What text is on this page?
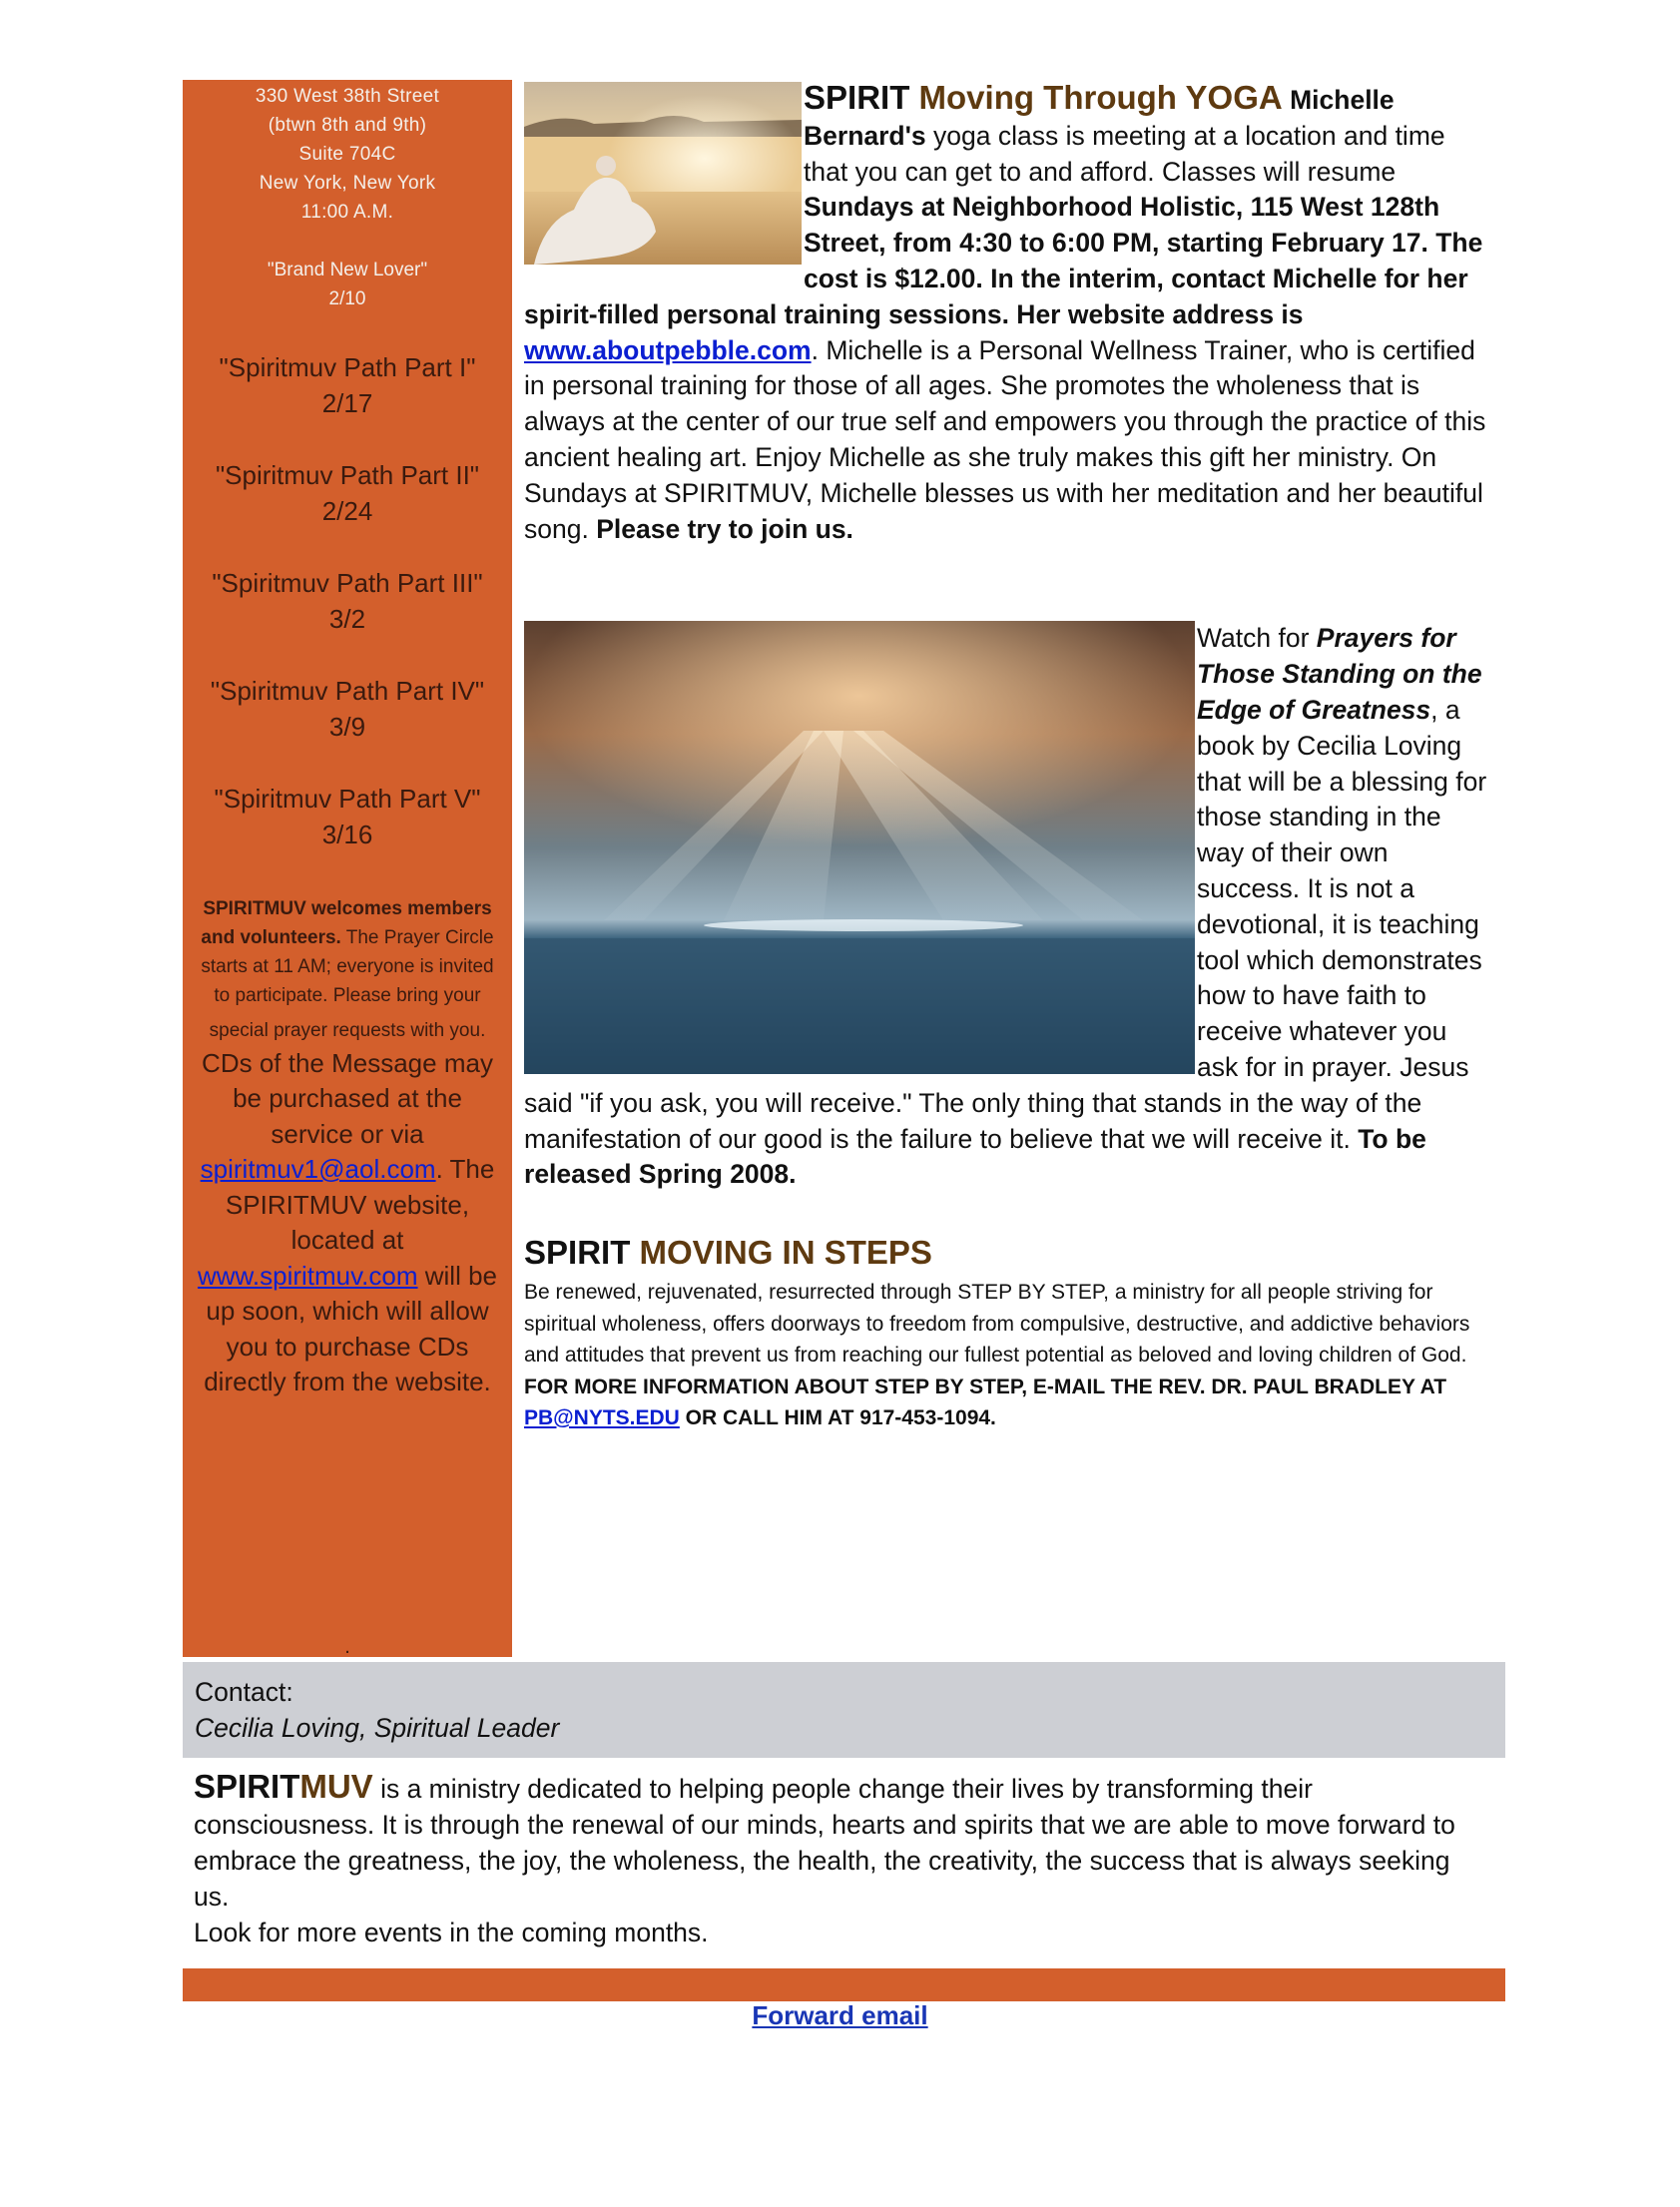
330 West 38th Street
(btwn 8th and 9th)
Suite 704C
New York, New York
11:00 A.M.
"Brand New Lover"
2/10
"Spiritmuv Path Part I"
2/17
"Spiritmuv Path Part II"
2/24
"Spiritmuv Path Part III"
3/2
"Spiritmuv Path Part IV"
3/9
"Spiritmuv Path Part V"
3/16
SPIRITMUV welcomes members and volunteers. The Prayer Circle starts at 11 AM; everyone is invited to participate. Please bring your special prayer requests with you. CDs of the Message may be purchased at the service or via spiritmuv1@aol.com. The SPIRITMUV website, located at www.spiritmuv.com will be up soon, which will allow you to purchase CDs directly from the website.
.

SPIRIT Moving Through YOGA Michelle Bernard's yoga class is meeting at a location and time that you can get to and afford. Classes will resume Sundays at Neighborhood Holistic, 115 West 128th Street, from 4:30 to 6:00 PM, starting February 17. The cost is $12.00. In the interim, contact Michelle for her spirit-filled personal training sessions. Her website address is www.aboutpebble.com. Michelle is a Personal Wellness Trainer, who is certified in personal training for those of all ages. She promotes the wholeness that is always at the center of our true self and empowers you through the practice of this ancient healing art. Enjoy Michelle as she truly makes this gift her ministry. On Sundays at SPIRITMUV, Michelle blesses us with her meditation and her beautiful song. Please try to join us.

Watch for Prayers for Those Standing on the Edge of Greatness, a book by Cecilia Loving that will be a blessing for those standing in the way of their own success. It is not a devotional, it is teaching tool which demonstrates how to have faith to receive whatever you ask for in prayer. Jesus said "if you ask, you will receive." The only thing that stands in the way of the manifestation of our good is the failure to believe that we will receive it. To be released Spring 2008.

SPIRIT MOVING IN STEPS
Be renewed, rejuvenated, resurrected through STEP BY STEP, a ministry for all people striving for spiritual wholeness, offers doorways to freedom from compulsive, destructive, and addictive behaviors and attitudes that prevent us from reaching our fullest potential as beloved and loving children of God. FOR MORE INFORMATION ABOUT STEP BY STEP, E-MAIL THE REV. DR. PAUL BRADLEY AT PB@NYTS.EDU OR CALL HIM AT 917-453-1094.
Contact:
Cecilia Loving, Spiritual Leader
SPIRITMUV is a ministry dedicated to helping people change their lives by transforming their consciousness. It is through the renewal of our minds, hearts and spirits that we are able to move forward to embrace the greatness, the joy, the wholeness, the health, the creativity, the success that is always seeking us.
Look for more events in the coming months.
Forward email
